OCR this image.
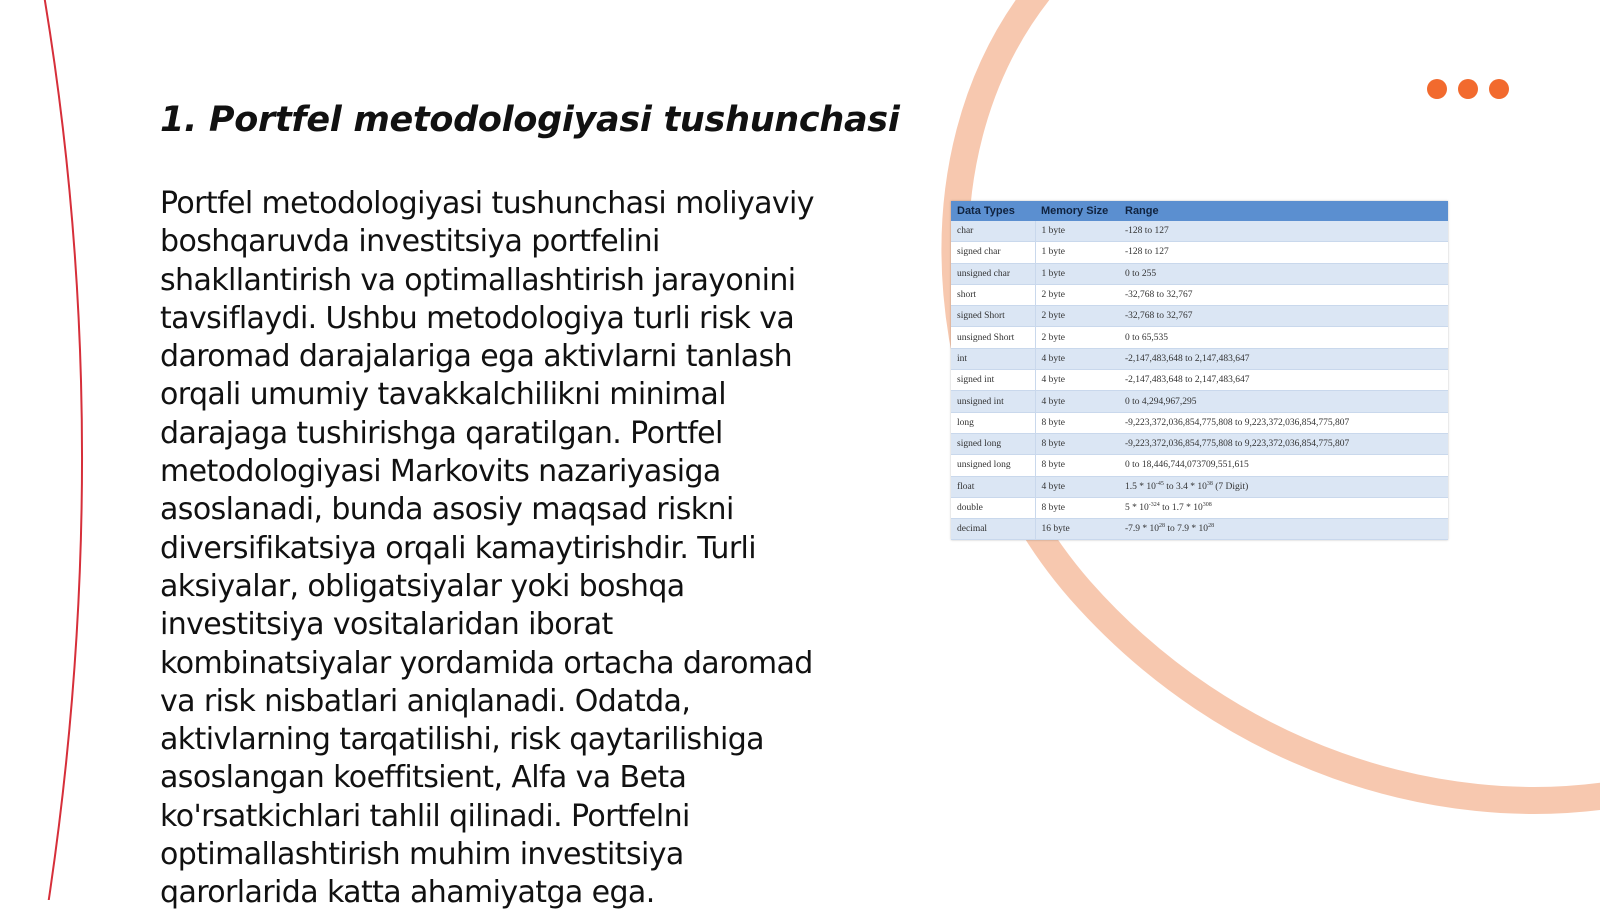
1. Portfel metodologiyasi tushunchasi

Portfel metodologiyasi tushunchasi moliyaviy boshqaruvda investitsiya portfelini shakllantirish va optimallashtirish jarayonini tavsiflaydi. Ushbu metodologiya turli risk va daromad darajalariga ega aktivlarni tanlash orqali umumiy tavakkalchilikni minimal darajaga tushirishga qaratilgan. Portfel metodologiyasi Markovits nazariyasiga asoslanadi, bunda asosiy maqsad riskni diversifikatsiya orqali kamaytirishdir. Turli aksiyalar, obligatsiyalar yoki boshqa investitsiya vositalaridan iborat kombinatsiyalar yordamida ortacha daromad va risk nisbatlari aniqlanadi. Odatda, aktivlarning tarqatilishi, risk qaytarilishiga asoslangan koeffitsient, Alfa va Beta ko'rsatkichlari tahlil qilinadi. Portfelni optimallashtirish muhim investitsiya qarorlarida katta ahamiyatga ega.

Data Types	Memory Size	Range
char	1 byte	-128 to 127
signed char	1 byte	-128 to 127
unsigned char	1 byte	0 to 255
short	2 byte	-32,768 to 32,767
signed Short	2 byte	-32,768 to 32,767
unsigned Short	2 byte	0 to 65,535
int	4 byte	-2,147,483,648 to 2,147,483,647
signed int	4 byte	-2,147,483,648 to 2,147,483,647
unsigned int	4 byte	0 to 4,294,967,295
long	8 byte	-9,223,372,036,854,775,808 to 9,223,372,036,854,775,807
signed long	8 byte	-9,223,372,036,854,775,808 to 9,223,372,036,854,775,807
unsigned long	8 byte	0 to 18,446,744,073709,551,615
float	4 byte	$1.5 * 10^{-45}$ to $3.4 * 10^{38}$ (7 Digit)
double	8 byte	$5 * 10^{-324}$ to $1.7 * 10^{308}$
decimal	16 byte	$-7.9 * 10^{28}$ to $7.9 * 10^{28}$
